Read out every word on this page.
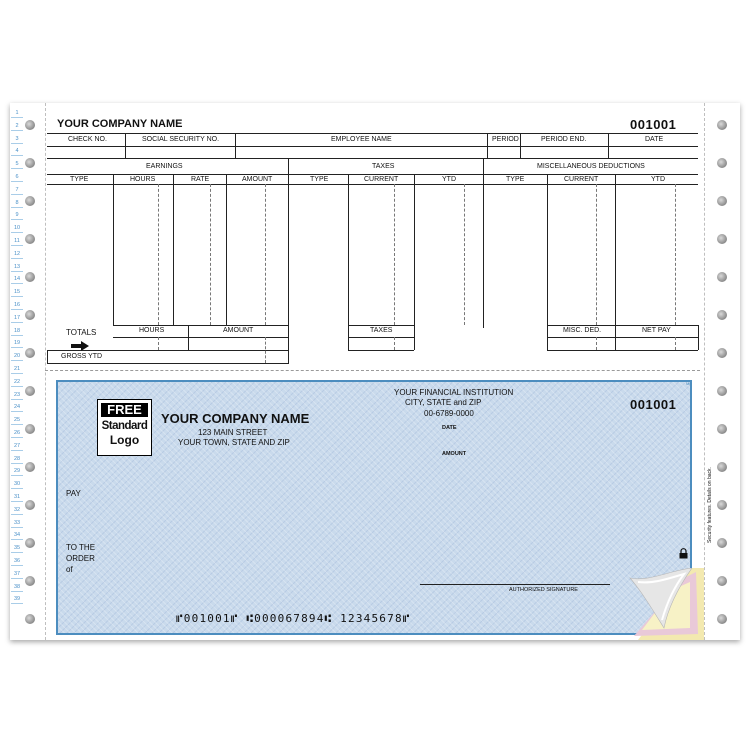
1
2
3
4
5
6
7
8
9
10
11
12
13
14
15
16
17
18
19
20
21
22
23
24
25
26
27
28
29
30
31
32
33
34
35
36
37
38
39
YOUR COMPANY NAME	001001
CHECK NO.	SOCIAL SECURITY NO.	EMPLOYEE NAME	PERIOD	PERIOD END.	DATE
EARNINGS	TAXES	MISCELLANEOUS DEDUCTIONS
TYPE	HOURS	RATE	AMOUNT	TYPE	CURRENT	YTD	TYPE	CURRENT	YTD
TOTALS	HOURS	AMOUNT	TAXES	MISC. DED.	NET PAY
GROSS YTD
FREE
Standard
Logo
YOUR COMPANY NAME
123 MAIN STREET
YOUR TOWN, STATE AND ZIP
YOUR FINANCIAL INSTITUTION
CITY, STATE and ZIP
00-6789-0000
DATE
AMOUNT
001001
MP
PAY
TO THE
ORDER
of
AUTHORIZED SIGNATURE
Security features. Details on back.
⑈001001⑈ ⑆000067894⑆ 12345678⑈
